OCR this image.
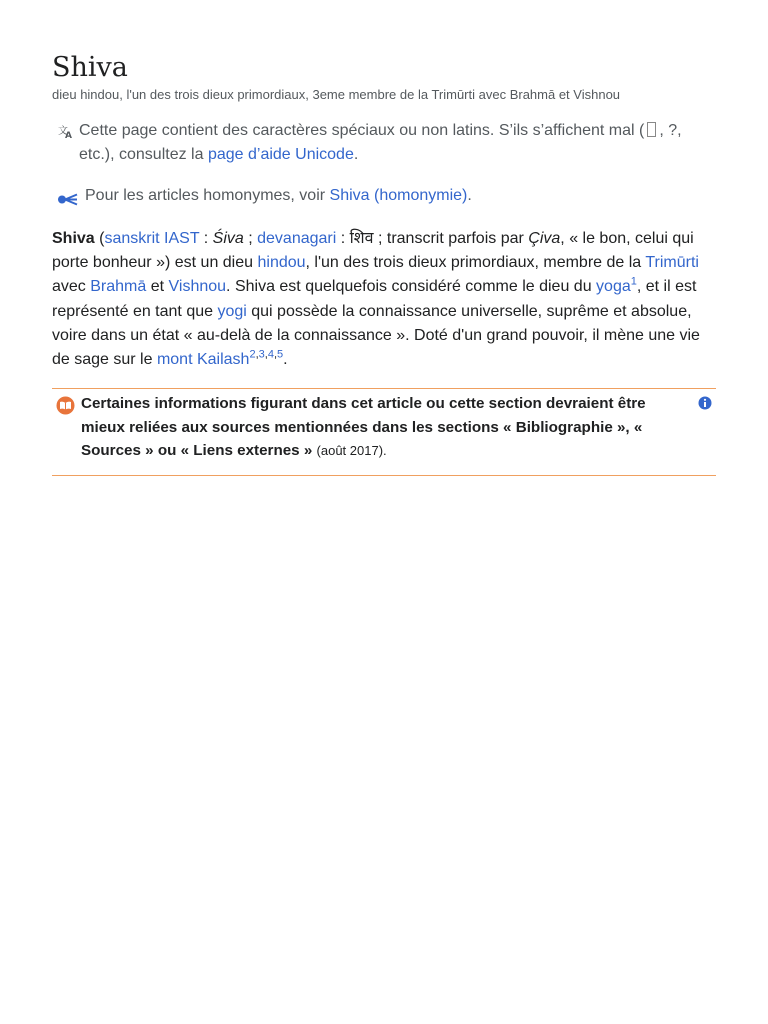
Shiva
dieu hindou, l'un des trois dieux primordiaux, 3eme membre de la Trimūrti avec Brahmā et Vishnou
文
A Cette page contient des caractères spéciaux ou non latins. S’ils s’affichent mal ( , ?, etc.), consultez la page d’aide Unicode.
Pour les articles homonymes, voir Shiva (homonymie).

Shiva (sanskrit IAST : Śiva ; devanagari : शिव ; transcrit parfois par Çiva, « le bon, celui qui porte bonheur ») est un dieu hindou, l'un des trois dieux primordiaux, membre de la Trimūrti avec Brahmā et Vishnou. Shiva est quelquefois considéré comme le dieu du yoga$^1$, et il est représenté en tant que yogi qui possède la connaissance universelle, suprême et absolue, voire dans un état « au-delà de la connaissance ». Doté d'un grand pouvoir, il mène une vie de sage sur le mont Kailash$^{2,3,4,5}$.

Certaines informations figurant dans cet article ou cette section devraient être mieux reliées aux sources mentionnées dans les sections « Bibliographie », « Sources » ou « Liens externes » (août 2017).
